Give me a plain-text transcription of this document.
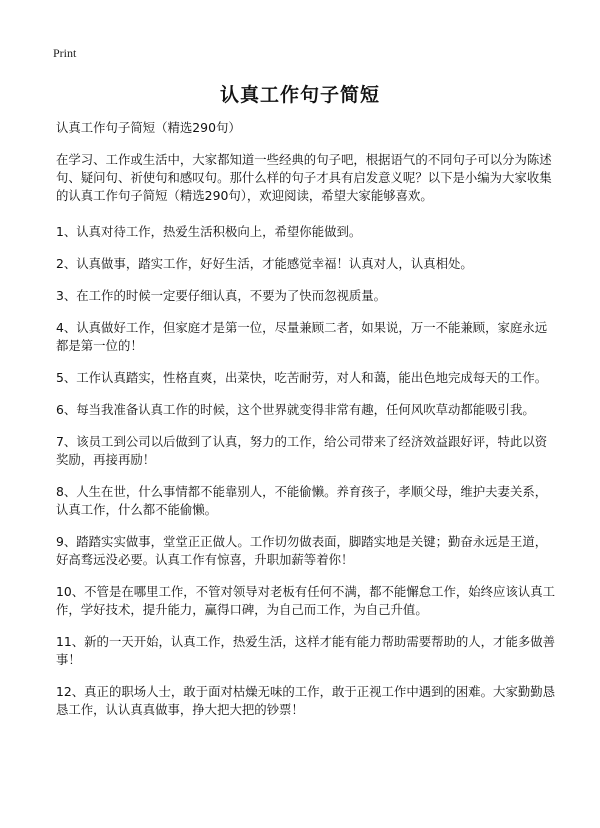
Print
认真工作句子简短

认真工作句子简短（精选290句）

在学习、工作或生活中，大家都知道一些经典的句子吧，根据语气的不同句子可以分为陈述句、疑问句、祈使句和感叹句。那什么样的句子才具有启发意义呢？以下是小编为大家收集的认真工作句子简短（精选290句），欢迎阅读，希望大家能够喜欢。

1、认真对待工作，热爱生活积极向上，希望你能做到。

2、认真做事，踏实工作，好好生活，才能感觉幸福！认真对人，认真相处。

3、在工作的时候一定要仔细认真，不要为了快而忽视质量。

4、认真做好工作，但家庭才是第一位，尽量兼顾二者，如果说，万一不能兼顾，家庭永远都是第一位的！

5、工作认真踏实，性格直爽，出菜快，吃苦耐劳，对人和蔼，能出色地完成每天的工作。

6、每当我准备认真工作的时候，这个世界就变得非常有趣，任何风吹草动都能吸引我。

7、该员工到公司以后做到了认真，努力的工作，给公司带来了经济效益跟好评，特此以资奖励，再接再励！

8、人生在世，什么事情都不能靠别人，不能偷懒。养育孩子，孝顺父母，维护夫妻关系，认真工作，什么都不能偷懒。

9、踏踏实实做事，堂堂正正做人。工作切勿做表面，脚踏实地是关键；勤奋永远是王道，好高骛远没必要。认真工作有惊喜，升职加薪等着你！

10、不管是在哪里工作，不管对领导对老板有任何不满，都不能懈怠工作，始终应该认真工作，学好技术，提升能力，赢得口碑，为自己而工作，为自己升值。

11、新的一天开始，认真工作，热爱生活，这样才能有能力帮助需要帮助的人，才能多做善事！

12、真正的职场人士，敢于面对枯燥无味的工作，敢于正视工作中遇到的困难。大家勤勤恳恳工作，认认真真做事，挣大把大把的钞票！
